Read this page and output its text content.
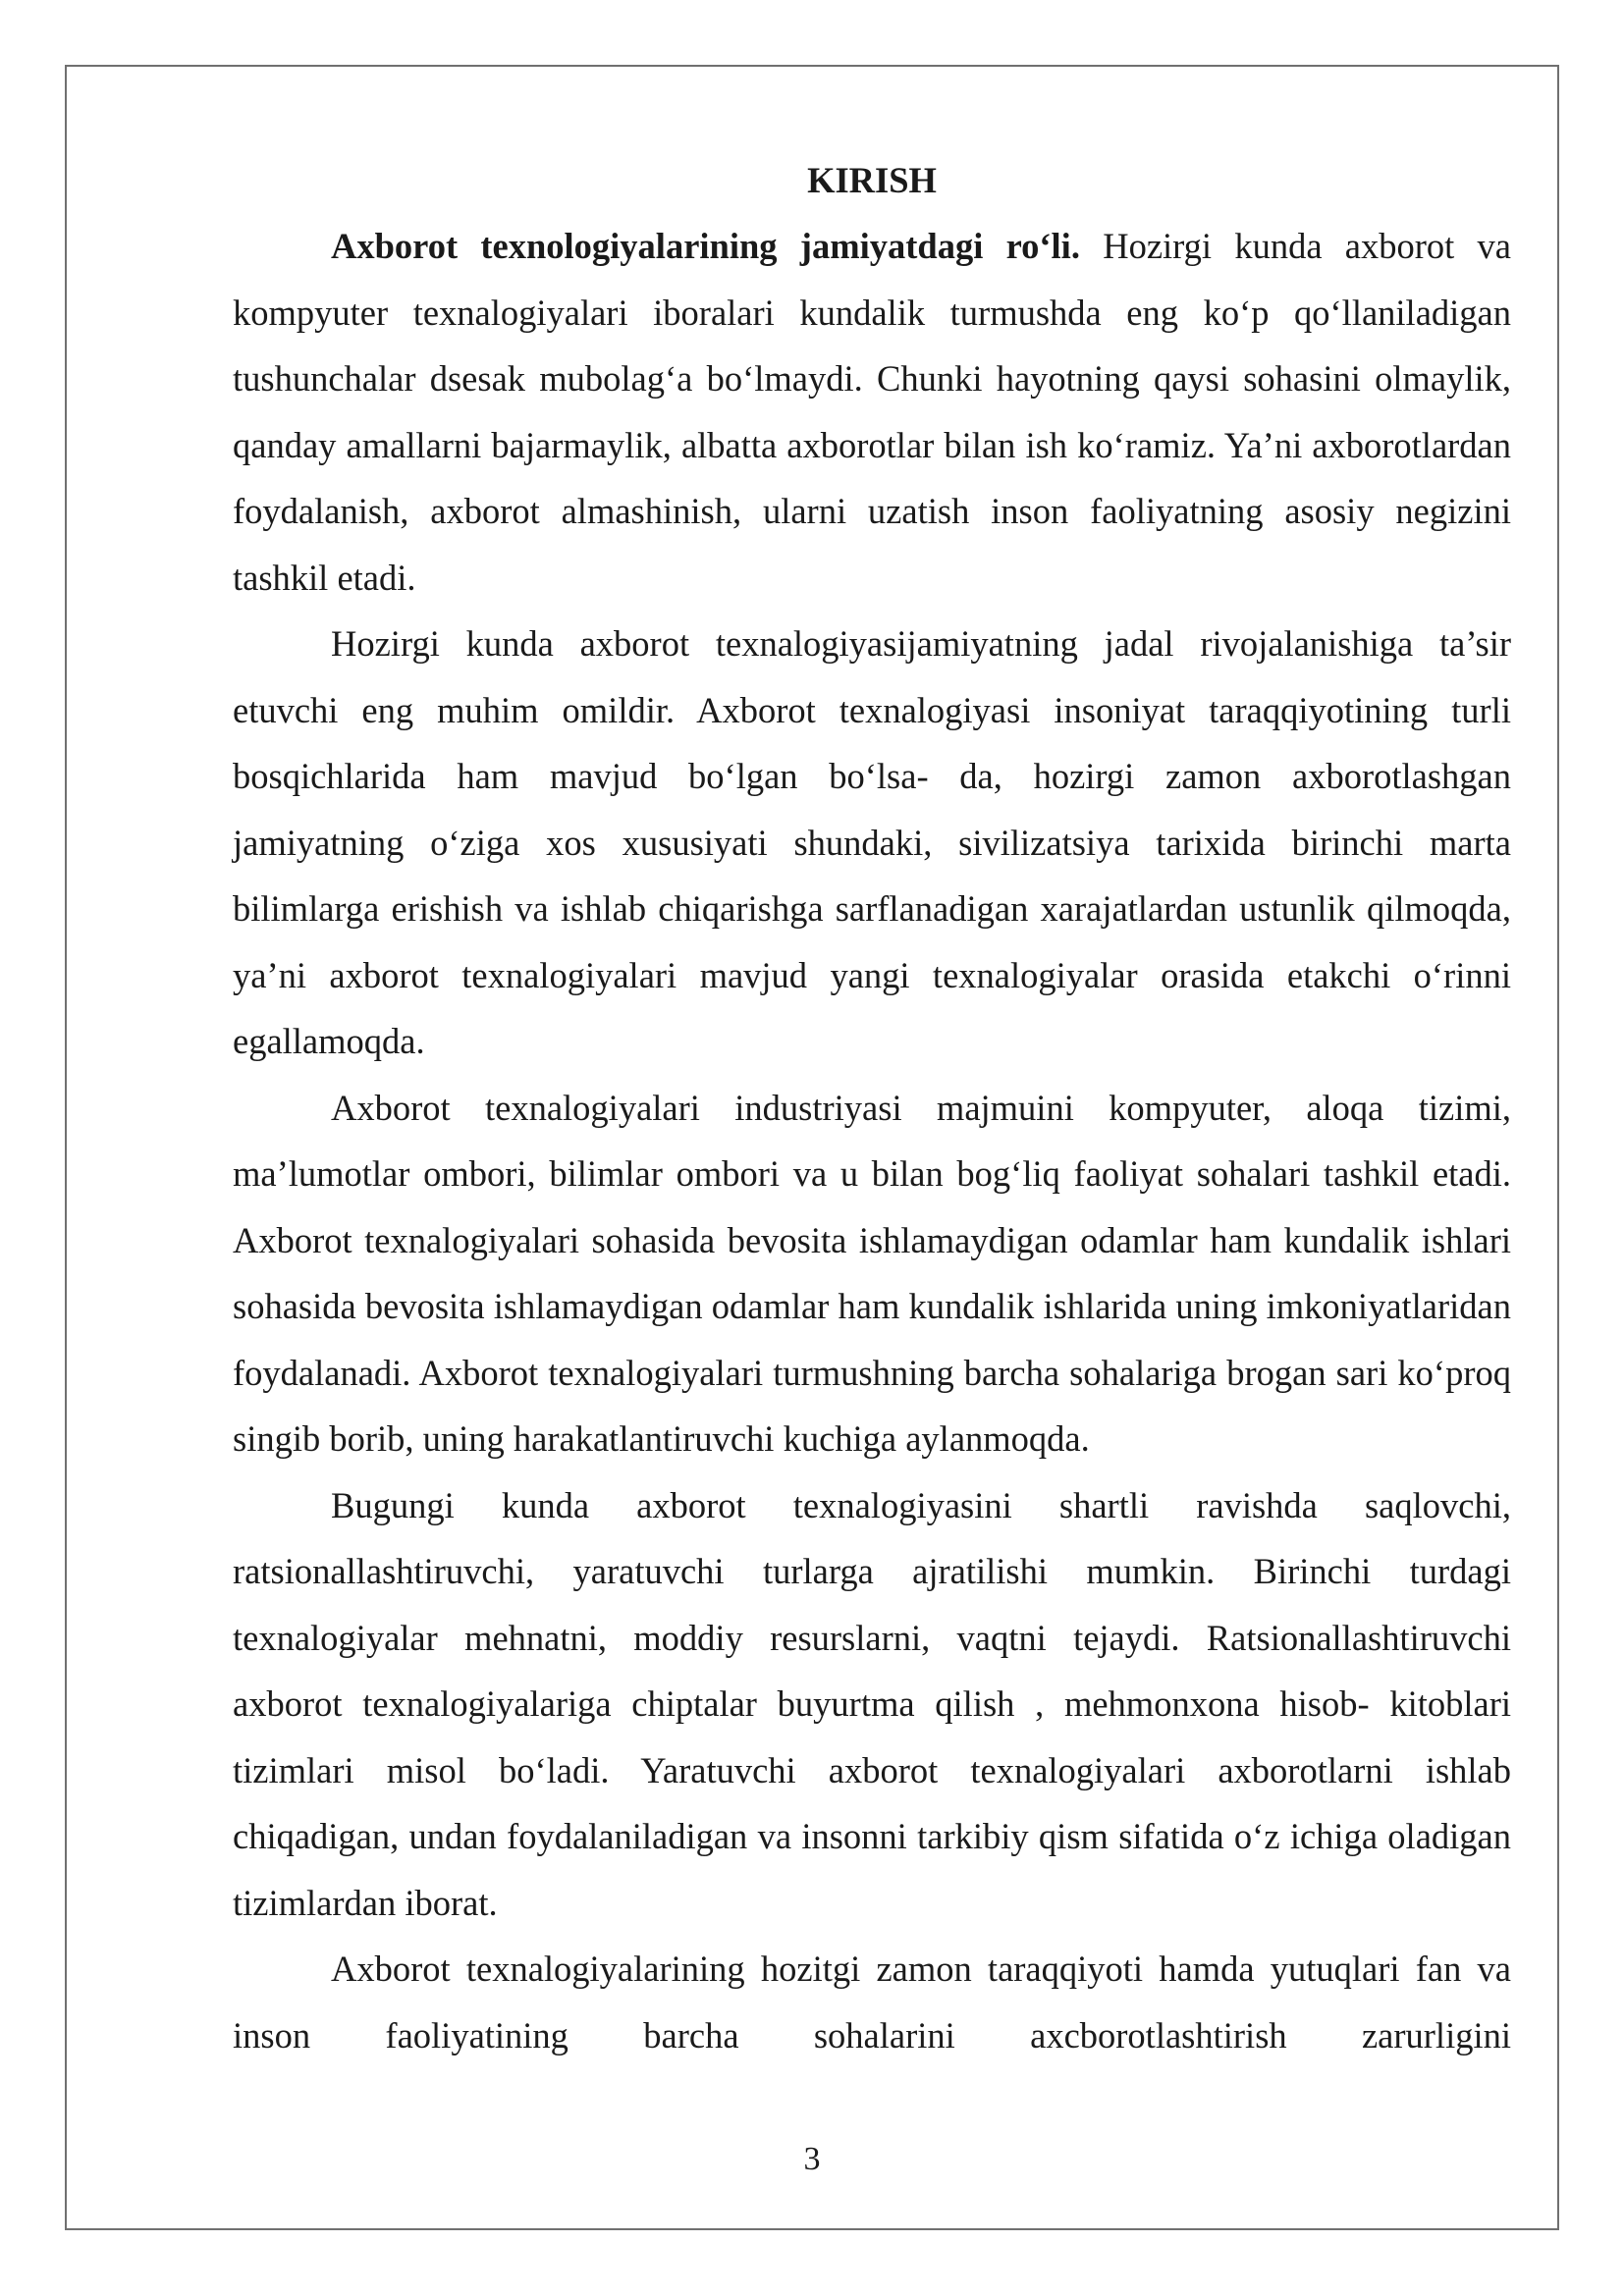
KIRISH

Axborot texnologiyalarining jamiyatdagi ro‘li. Hozirgi kunda axborot va kompyuter texnalogiyalari iboralari kundalik turmushda eng ko‘p qo‘llaniladigan tushunchalar dsesak mubolag‘a bo‘lmaydi. Chunki hayotning qaysi sohasini olmaylik, qanday amallarni bajarmaylik, albatta axborotlar bilan ish ko‘ramiz. Ya’ni axborotlardan foydalanish, axborot almashinish, ularni uzatish inson faoliyatning asosiy negizini tashkil etadi.

Hozirgi kunda axborot texnalogiyasijamiyatning jadal rivojalanishiga ta’sir etuvchi eng muhim omildir. Axborot texnalogiyasi insoniyat taraqqiyotining turli bosqichlarida ham mavjud bo‘lgan bo‘lsa- da, hozirgi zamon axborotlashgan jamiyatning o‘ziga xos xususiyati shundaki, sivilizatsiya tarixida birinchi marta bilimlarga erishish va ishlab chiqarishga sarflanadigan xarajatlardan ustunlik qilmoqda, ya’ni axborot texnalogiyalari mavjud yangi texnalogiyalar orasida etakchi o‘rinni egallamoqda.

Axborot texnalogiyalari industriyasi majmuini kompyuter, aloqa tizimi, ma’lumotlar ombori, bilimlar ombori va u bilan bog‘liq faoliyat sohalari tashkil etadi. Axborot texnalogiyalari sohasida bevosita ishlamaydigan odamlar ham kundalik ishlari sohasida bevosita ishlamaydigan odamlar ham kundalik ishlarida uning imkoniyatlaridan foydalanadi. Axborot texnalogiyalari turmushning barcha sohalariga brogan sari ko‘proq singib borib, uning harakatlantiruvchi kuchiga aylanmoqda.

Bugungi kunda axborot texnalogiyasini shartli ravishda saqlovchi, ratsionallashtiruvchi, yaratuvchi turlarga ajratilishi mumkin. Birinchi turdagi texnalogiyalar mehnatni, moddiy resurslarni, vaqtni tejaydi. Ratsionallashtiruvchi axborot texnalogiyalariga chiptalar buyurtma qilish , mehmonxona hisob- kitoblari tizimlari misol bo‘ladi. Yaratuvchi axborot texnalogiyalari axborotlarni ishlab chiqadigan, undan foydalaniladigan va insonni tarkibiy qism sifatida o‘z ichiga oladigan tizimlardan iborat.

Axborot texnalogiyalarining hozitgi zamon taraqqiyoti hamda yutuqlari fan va inson faoliyatining barcha sohalarini axcborotlashtirish zarurligini

3
